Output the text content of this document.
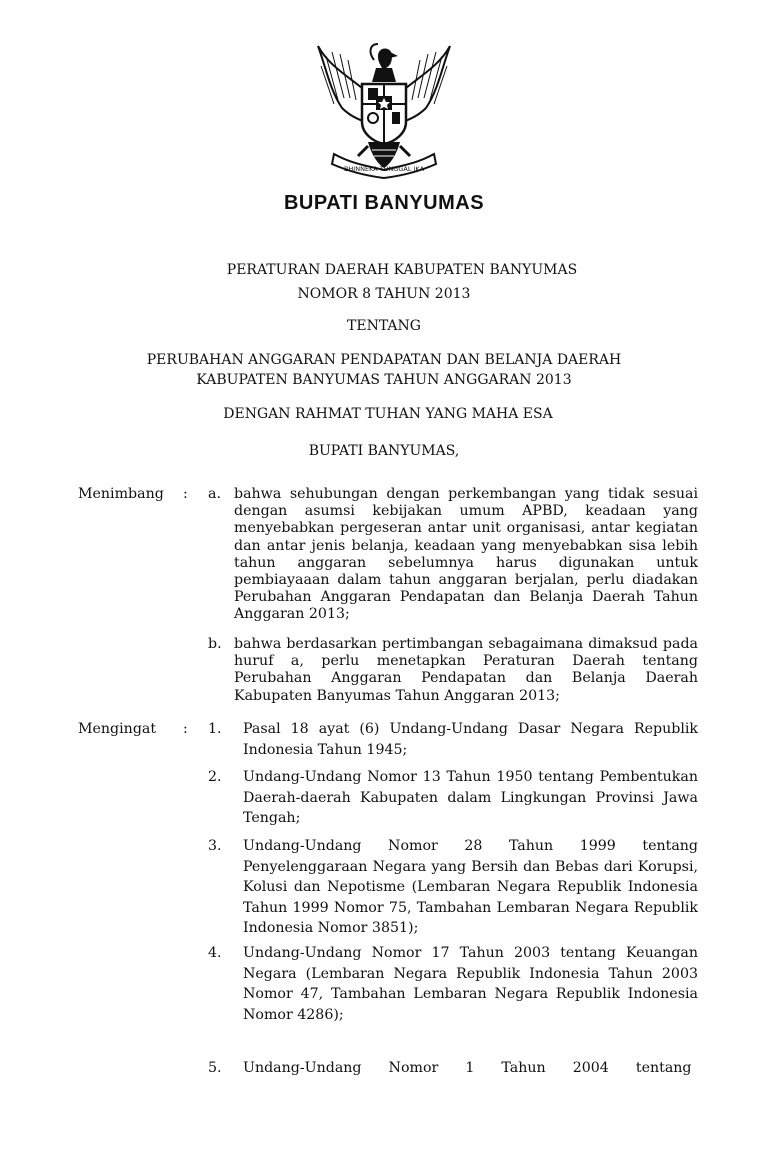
BHINNEKA TUNGGAL IKA
BUPATI BANYUMAS
PERATURAN DAERAH KABUPATEN BANYUMAS
NOMOR 8 TAHUN 2013
TENTANG
PERUBAHAN ANGGARAN PENDAPATAN DAN BELANJA DAERAH
KABUPATEN BANYUMAS TAHUN ANGGARAN 2013
DENGAN RAHMAT TUHAN YANG MAHA ESA
BUPATI BANYUMAS,
Menimbang : a. bahwa sehubungan dengan perkembangan yang tidak sesuai dengan asumsi kebijakan umum APBD, keadaan yang menyebabkan pergeseran antar unit organisasi, antar kegiatan dan antar jenis belanja, keadaan yang menyebabkan sisa lebih tahun anggaran sebelumnya harus digunakan untuk pembiayaaan dalam tahun anggaran berjalan, perlu diadakan Perubahan Anggaran Pendapatan dan Belanja Daerah Tahun Anggaran 2013;
b. bahwa berdasarkan pertimbangan sebagaimana dimaksud pada huruf a, perlu menetapkan Peraturan Daerah tentang Perubahan Anggaran Pendapatan dan Belanja Daerah Kabupaten Banyumas Tahun Anggaran 2013;
Mengingat : 1. Pasal 18 ayat (6) Undang-Undang Dasar Negara Republik Indonesia Tahun 1945;
2. Undang-Undang Nomor 13 Tahun 1950 tentang Pembentukan Daerah-daerah Kabupaten dalam Lingkungan Provinsi Jawa Tengah;
3. Undang-Undang Nomor 28 Tahun 1999 tentang Penyelenggaraan Negara yang Bersih dan Bebas dari Korupsi, Kolusi dan Nepotisme (Lembaran Negara Republik Indonesia Tahun 1999 Nomor 75, Tambahan Lembaran Negara Republik Indonesia Nomor 3851);
4. Undang-Undang Nomor 17 Tahun 2003 tentang Keuangan Negara (Lembaran Negara Republik Indonesia Tahun 2003 Nomor 47, Tambahan Lembaran Negara Republik Indonesia Nomor 4286);
5. Undang-Undang      Nomor      1      Tahun      2004      tentang
